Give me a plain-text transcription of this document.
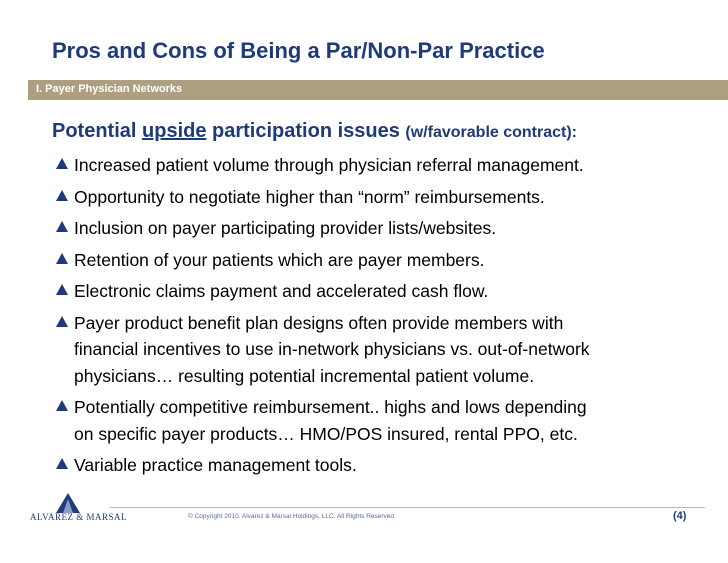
Pros and Cons of Being a Par/Non-Par Practice
I. Payer Physician Networks
Potential upside participation issues (w/favorable contract):
Increased patient volume through physician referral management.
Opportunity to negotiate higher than “norm” reimbursements.
Inclusion on payer participating provider lists/websites.
Retention of your patients which are payer members.
Electronic claims payment and accelerated cash flow.
Payer product benefit plan designs often provide members with
financial incentives to use in-network physicians vs. out-of-network
physicians… resulting potential incremental patient volume.
Potentially competitive reimbursement.. highs and lows depending
on specific payer products… HMO/POS insured, rental PPO, etc.
Variable practice management tools.
ALVAREZ & MARSAL	© Copyright 2010. Alvarez & Marsal Holdings, LLC. All Rights Reserved.	(4)
